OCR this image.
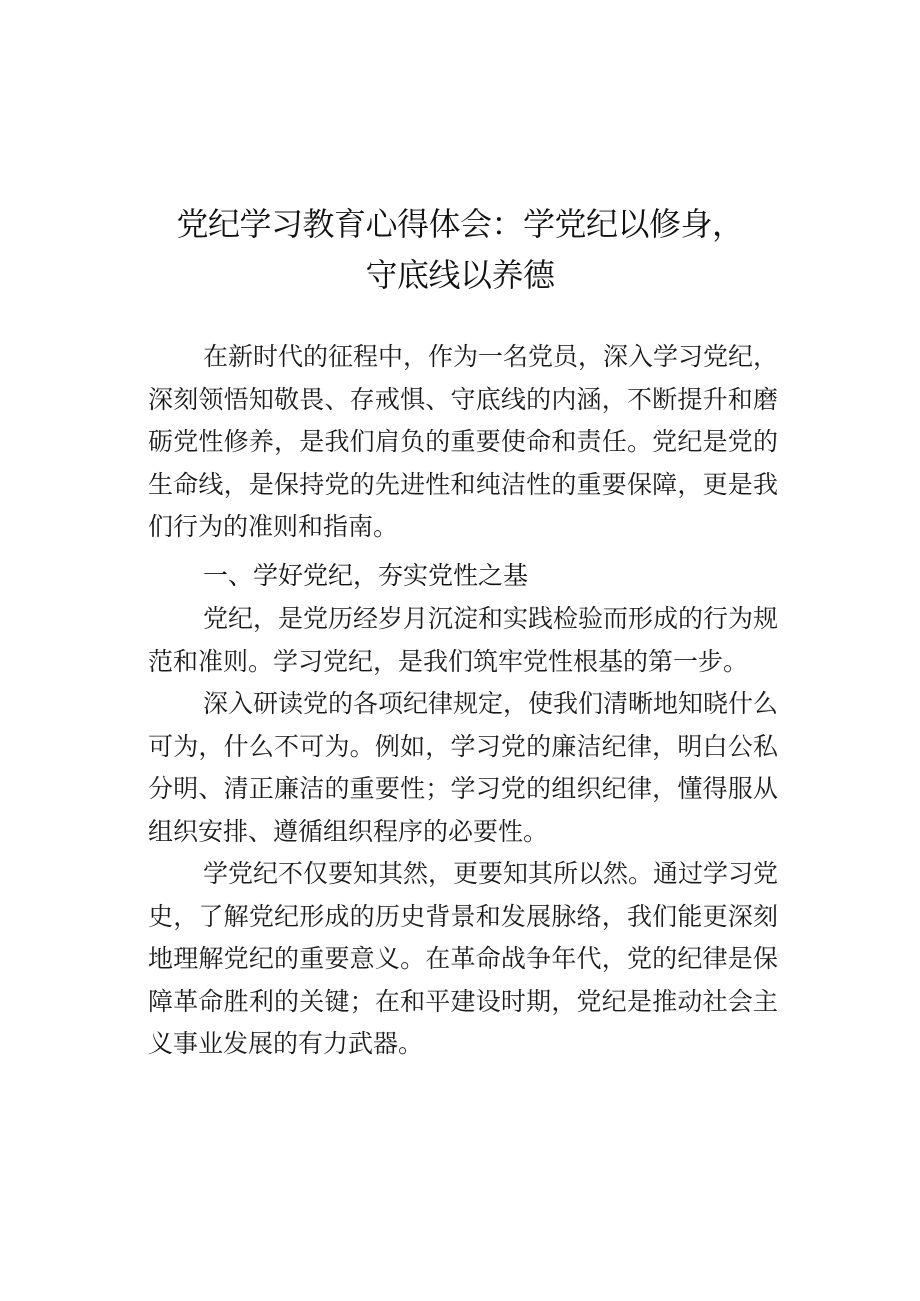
党纪学习教育心得体会：学党纪以修身，
守底线以养德

在新时代的征程中，作为一名党员，深入学习党纪，深刻领悟知敬畏、存戒惧、守底线的内涵，不断提升和磨砺党性修养，是我们肩负的重要使命和责任。党纪是党的生命线，是保持党的先进性和纯洁性的重要保障，更是我们行为的准则和指南。

一、学好党纪，夯实党性之基

党纪，是党历经岁月沉淀和实践检验而形成的行为规范和准则。学习党纪，是我们筑牢党性根基的第一步。

深入研读党的各项纪律规定，使我们清晰地知晓什么可为，什么不可为。例如，学习党的廉洁纪律，明白公私分明、清正廉洁的重要性；学习党的组织纪律，懂得服从组织安排、遵循组织程序的必要性。

学党纪不仅要知其然，更要知其所以然。通过学习党史，了解党纪形成的历史背景和发展脉络，我们能更深刻地理解党纪的重要意义。在革命战争年代，党的纪律是保障革命胜利的关键；在和平建设时期，党纪是推动社会主义事业发展的有力武器。
